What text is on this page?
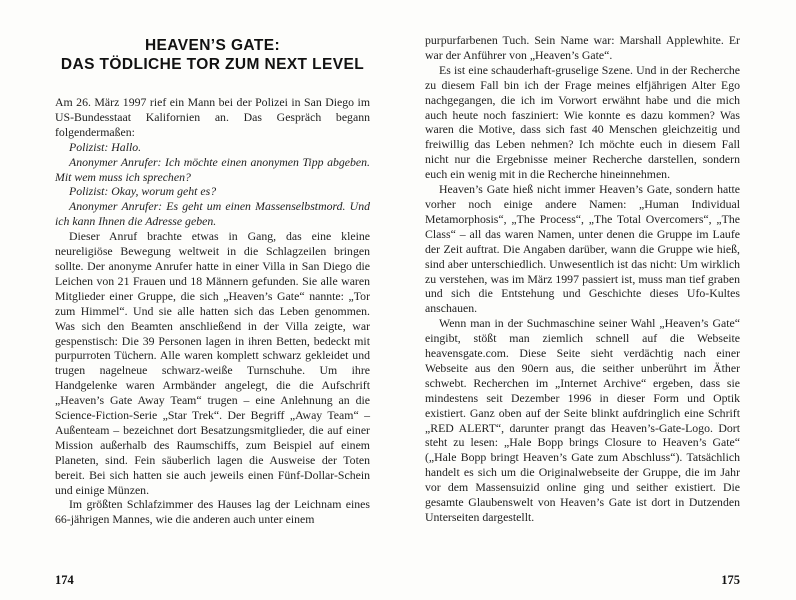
HEAVEN’S GATE:
DAS TÖDLICHE TOR ZUM NEXT LEVEL

Am 26. März 1997 rief ein Mann bei der Polizei in San Diego im US-Bundesstaat Kalifornien an. Das Gespräch begann folgendermaßen:

Polizist: Hallo.

Anonymer Anrufer: Ich möchte einen anonymen Tipp abgeben. Mit wem muss ich sprechen?

Polizist: Okay, worum geht es?

Anonymer Anrufer: Es geht um einen Massenselbstmord. Und ich kann Ihnen die Adresse geben.

Dieser Anruf brachte etwas in Gang, das eine kleine neureligiöse Bewegung weltweit in die Schlagzeilen bringen sollte. Der anonyme Anrufer hatte in einer Villa in San Diego die Leichen von 21 Frauen und 18 Männern gefunden. Sie alle waren Mitglieder einer Gruppe, die sich „Heaven’s Gate“ nannte: „Tor zum Himmel“. Und sie alle hatten sich das Leben genommen. Was sich den Beamten anschließend in der Villa zeigte, war gespenstisch: Die 39 Personen lagen in ihren Betten, bedeckt mit purpurroten Tüchern. Alle waren komplett schwarz gekleidet und trugen nagelneue schwarz-weiße Turnschuhe. Um ihre Handgelenke waren Armbänder angelegt, die die Aufschrift „Heaven’s Gate Away Team“ trugen – eine Anlehnung an die Science-Fiction-Serie „Star Trek“. Der Begriff „Away Team“ – Außenteam – bezeichnet dort Besatzungsmitglieder, die auf einer Mission außerhalb des Raumschiffs, zum Beispiel auf einem Planeten, sind. Fein säuberlich lagen die Ausweise der Toten bereit. Bei sich hatten sie auch jeweils einen Fünf-Dollar-Schein und einige Münzen.

Im größten Schlafzimmer des Hauses lag der Leichnam eines 66-jährigen Mannes, wie die anderen auch unter einem

174

purpurfarbenen Tuch. Sein Name war: Marshall Applewhite. Er war der Anführer von „Heaven’s Gate“.

Es ist eine schauderhaft-gruselige Szene. Und in der Recherche zu diesem Fall bin ich der Frage meines elfjährigen Alter Ego nachgegangen, die ich im Vorwort erwähnt habe und die mich auch heute noch fasziniert: Wie konnte es dazu kommen? Was waren die Motive, dass sich fast 40 Menschen gleichzeitig und freiwillig das Leben nehmen? Ich möchte euch in diesem Fall nicht nur die Ergebnisse meiner Recherche darstellen, sondern euch ein wenig mit in die Recherche hineinnehmen.

Heaven’s Gate hieß nicht immer Heaven’s Gate, sondern hatte vorher noch einige andere Namen: „Human Individual Metamorphosis“, „The Process“, „The Total Overcomers“, „The Class“ – all das waren Namen, unter denen die Gruppe im Laufe der Zeit auftrat. Die Angaben darüber, wann die Gruppe wie hieß, sind aber unterschiedlich. Unwesentlich ist das nicht: Um wirklich zu verstehen, was im März 1997 passiert ist, muss man tief graben und sich die Entstehung und Geschichte dieses Ufo-Kultes anschauen.

Wenn man in der Suchmaschine seiner Wahl „Heaven’s Gate“ eingibt, stößt man ziemlich schnell auf die Webseite heavensgate.com. Diese Seite sieht verdächtig nach einer Webseite aus den 90ern aus, die seither unberührt im Äther schwebt. Recherchen im „Internet Archive“ ergeben, dass sie mindestens seit Dezember 1996 in dieser Form und Optik existiert. Ganz oben auf der Seite blinkt aufdringlich eine Schrift „RED ALERT“, darunter prangt das Heaven’s-Gate-Logo. Dort steht zu lesen: „Hale Bopp brings Closure to Heaven’s Gate“ („Hale Bopp bringt Heaven’s Gate zum Abschluss“). Tatsächlich handelt es sich um die Originalwebseite der Gruppe, die im Jahr vor dem Massensuizid online ging und seither existiert. Die gesamte Glaubenswelt von Heaven’s Gate ist dort in Dutzenden Unterseiten dargestellt.

175
